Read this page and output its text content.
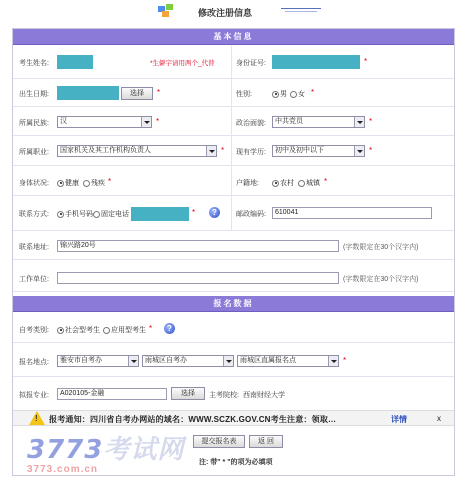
修改注册信息
基本信息
考生姓名:	*生僻字请用两个_代替	身份证号:	*
出生日期:	选择	*	性别:	男 女 *
所属民族:	汉	*	政治面貌:	中共党员	*
所属职业:	国家机关及其工作机构负责人	* 现有学历:	初中及初中以下	*
身体状况: 健康 残疾 *	户籍地:	农村 城镇 *
联系方式: 手机号码 固定电话	*	?	邮政编码:	610041
联系地址:	锦兴路20号	(字数限定在30个汉字内)
工作单位:	(字数限定在30个汉字内)
报名数据
自考类别: 社会型考生 应用型考生 *	?
报名地点:	雅安市自考办	雨城区自考办	雨城区直属报名点	*
拟报专业:	A020105-金融	选择	主考院校: 西南财经大学
! 报考通知：四川省自考办网站的域名：WWW.SCZK.GOV.CN考生注意：领取…	详情	x
3773考试网
3773.com.cn
提交报名表	返 回
注: 带" * "的项为必填项
